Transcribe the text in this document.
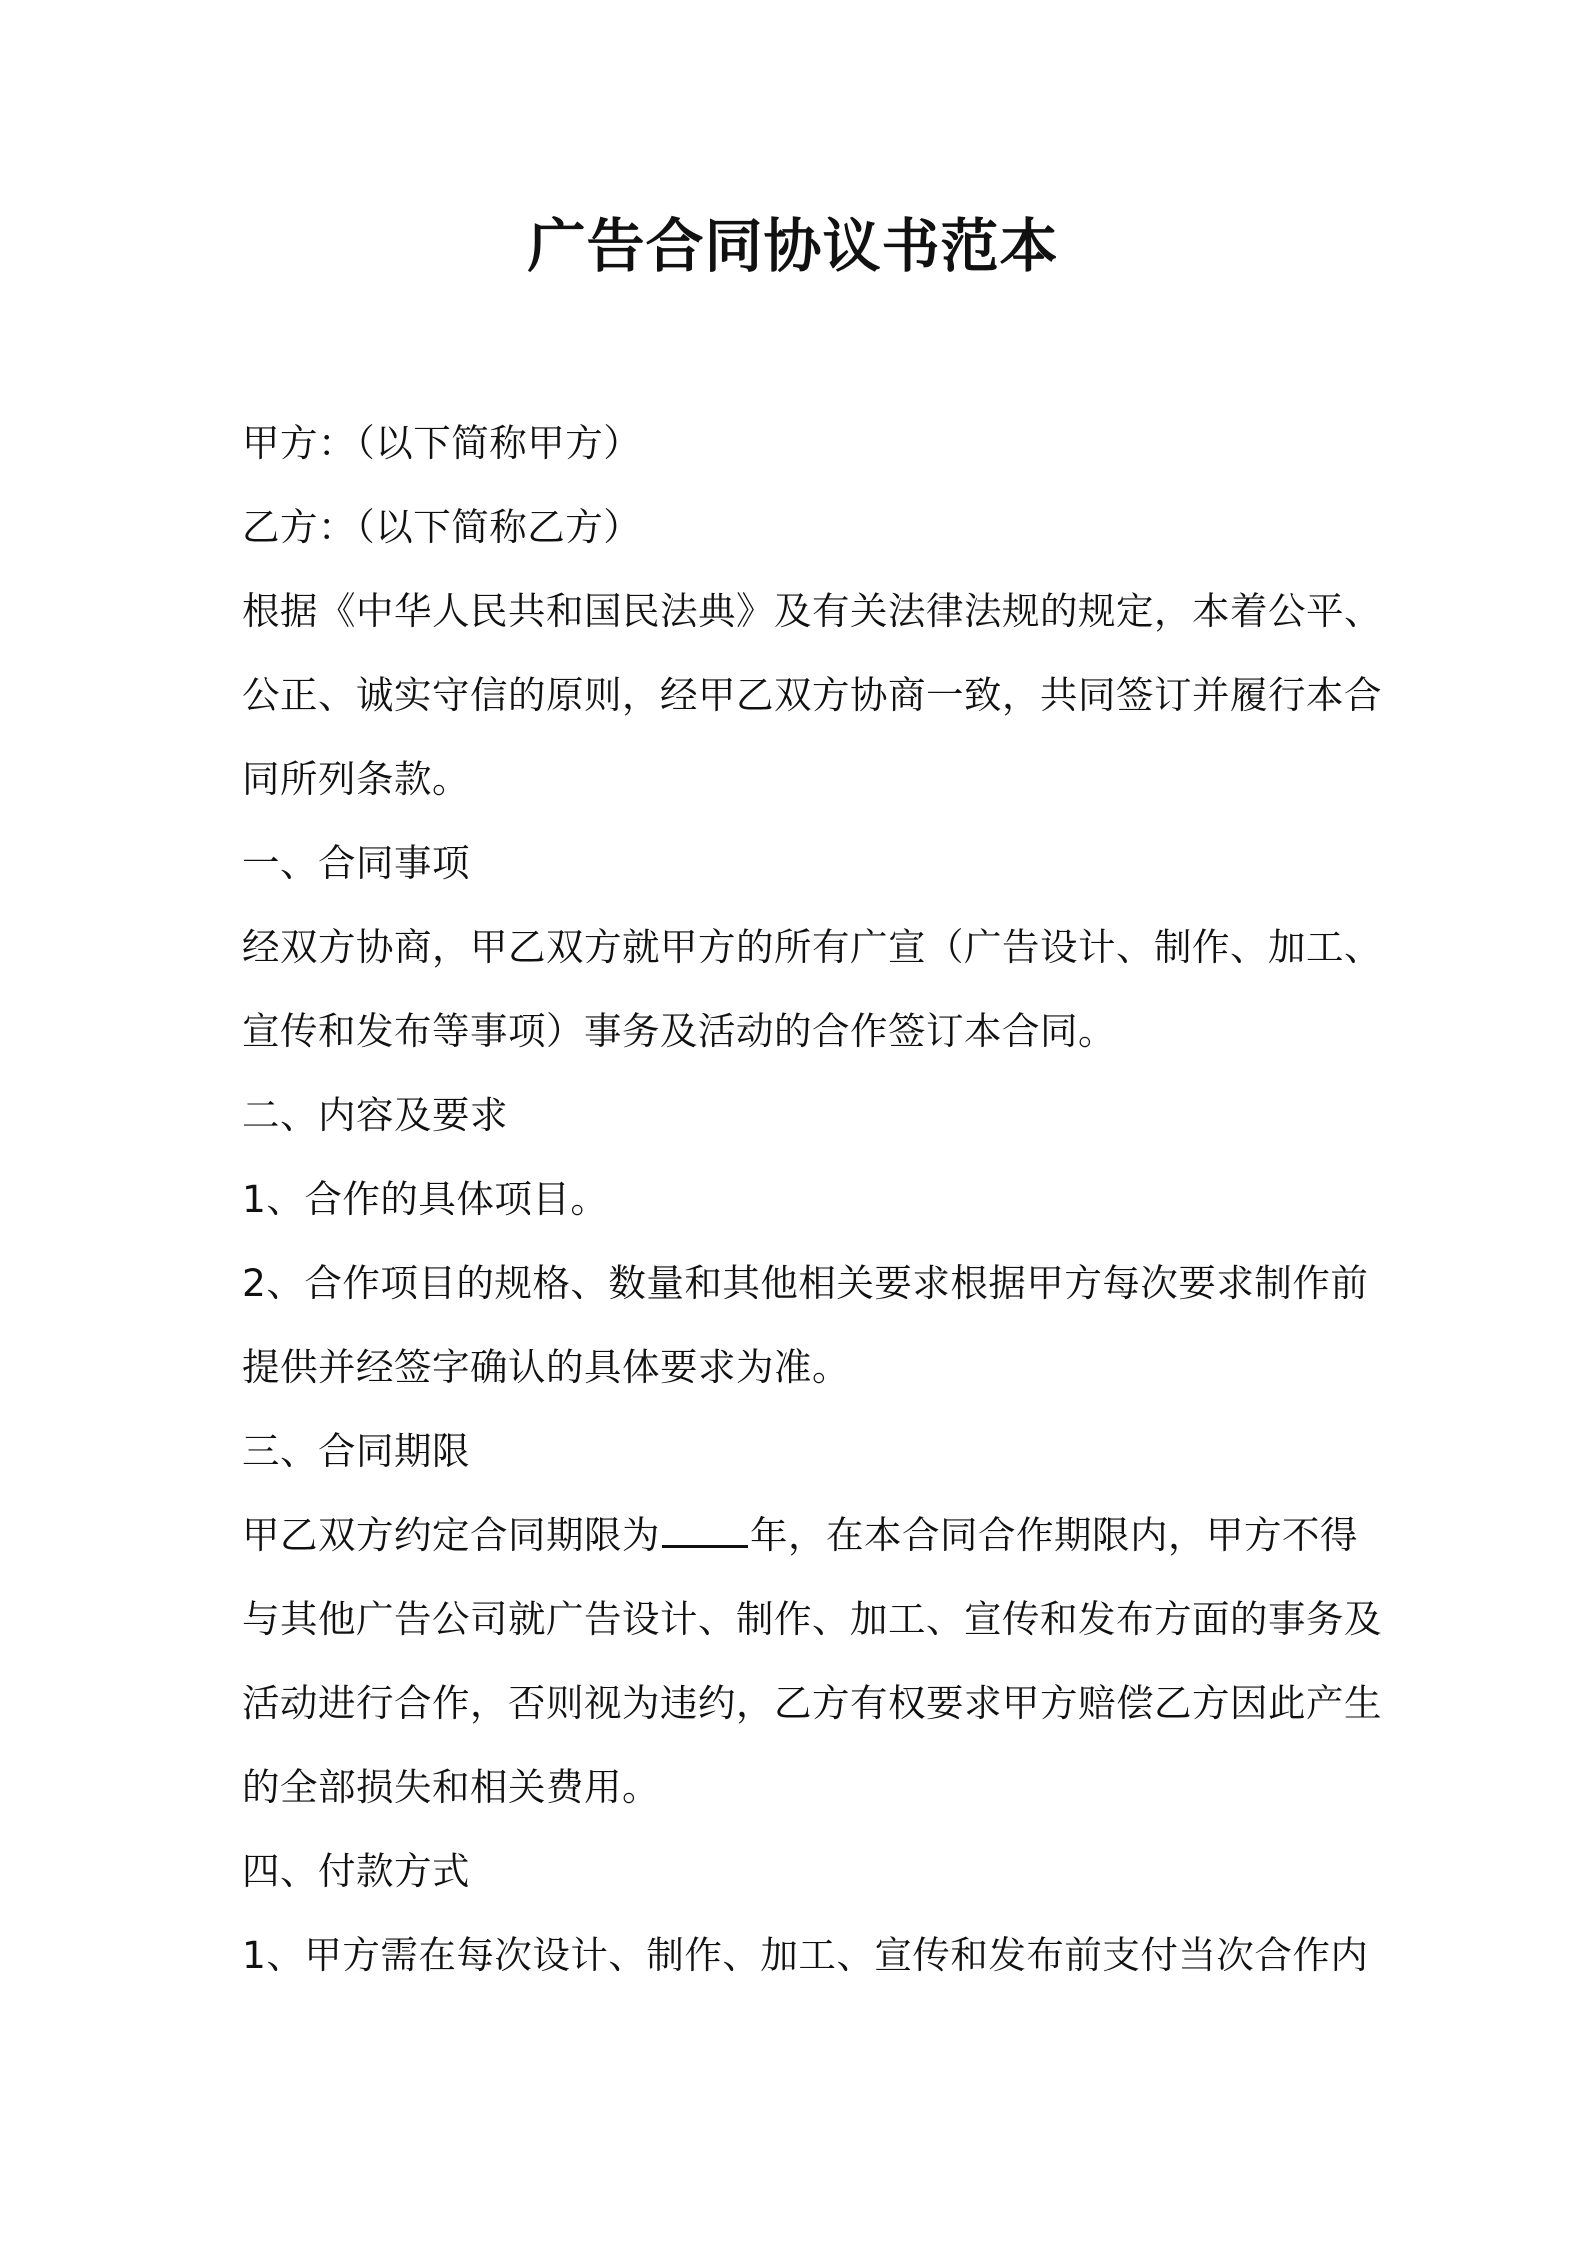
广告合同协议书范本

甲方：（以下简称甲方）

乙方：（以下简称乙方）

根据《中华人民共和国民法典》及有关法律法规的规定，本着公平、

公正、诚实守信的原则，经甲乙双方协商一致，共同签订并履行本合

同所列条款。

一、合同事项

经双方协商，甲乙双方就甲方的所有广宣（广告设计、制作、加工、

宣传和发布等事项）事务及活动的合作签订本合同。

二、内容及要求

1、合作的具体项目。

2、合作项目的规格、数量和其他相关要求根据甲方每次要求制作前

提供并经签字确认的具体要求为准。

三、合同期限

甲乙双方约定合同期限为 年，在本合同合作期限内，甲方不得

与其他广告公司就广告设计、制作、加工、宣传和发布方面的事务及

活动进行合作，否则视为违约，乙方有权要求甲方赔偿乙方因此产生

的全部损失和相关费用。

四、付款方式

1、甲方需在每次设计、制作、加工、宣传和发布前支付当次合作内
